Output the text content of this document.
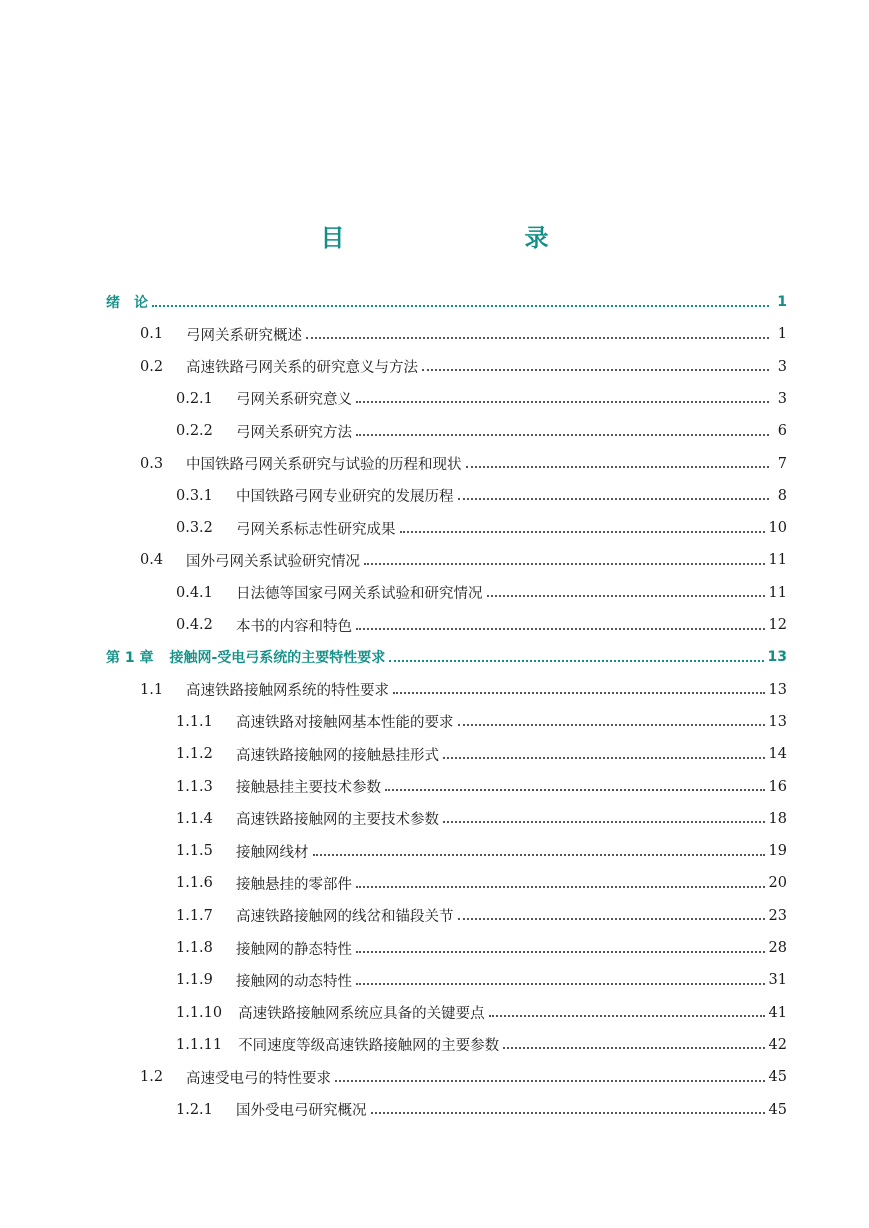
目　　录
绪　论	1
0.1	弓网关系研究概述	1
0.2	高速铁路弓网关系的研究意义与方法	3
0.2.1	弓网关系研究意义	3
0.2.2	弓网关系研究方法	6
0.3	中国铁路弓网关系研究与试验的历程和现状	7
0.3.1	中国铁路弓网专业研究的发展历程	8
0.3.2	弓网关系标志性研究成果	10
0.4	国外弓网关系试验研究情况	11
0.4.1	日法德等国家弓网关系试验和研究情况	11
0.4.2	本书的内容和特色	12
第 1 章 接触网-受电弓系统的主要特性要求	13
1.1	高速铁路接触网系统的特性要求	13
1.1.1	高速铁路对接触网基本性能的要求	13
1.1.2	高速铁路接触网的接触悬挂形式	14
1.1.3	接触悬挂主要技术参数	16
1.1.4	高速铁路接触网的主要技术参数	18
1.1.5	接触网线材	19
1.1.6	接触悬挂的零部件	20
1.1.7	高速铁路接触网的线岔和锚段关节	23
1.1.8	接触网的静态特性	28
1.1.9	接触网的动态特性	31
1.1.10 高速铁路接触网系统应具备的关键要点	41
1.1.11 不同速度等级高速铁路接触网的主要参数	42
1.2	高速受电弓的特性要求	45
1.2.1	国外受电弓研究概况	45
